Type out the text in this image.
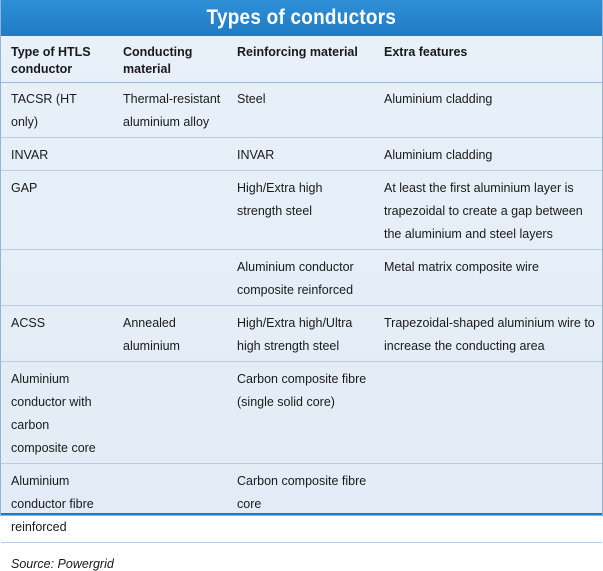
Types of conductors
Type of HTLS conductor	Conducting material	Reinforcing material	Extra features
TACSR (HT only)	Thermal-resistant aluminium alloy	Steel	Aluminium cladding
INVAR		INVAR	Aluminium cladding
GAP		High/Extra high strength steel	At least the first aluminium layer is trapezoidal to create a gap between the aluminium and steel layers
		Aluminium conductor composite reinforced	Metal matrix composite wire
ACSS	Annealed aluminium	High/Extra high/Ultra high strength steel	Trapezoidal-shaped aluminium wire to increase the conducting area
Aluminium conductor with carbon composite core		Carbon composite fibre (single solid core)	
Aluminium conductor fibre reinforced		Carbon composite fibre core	
Source: Powergrid
